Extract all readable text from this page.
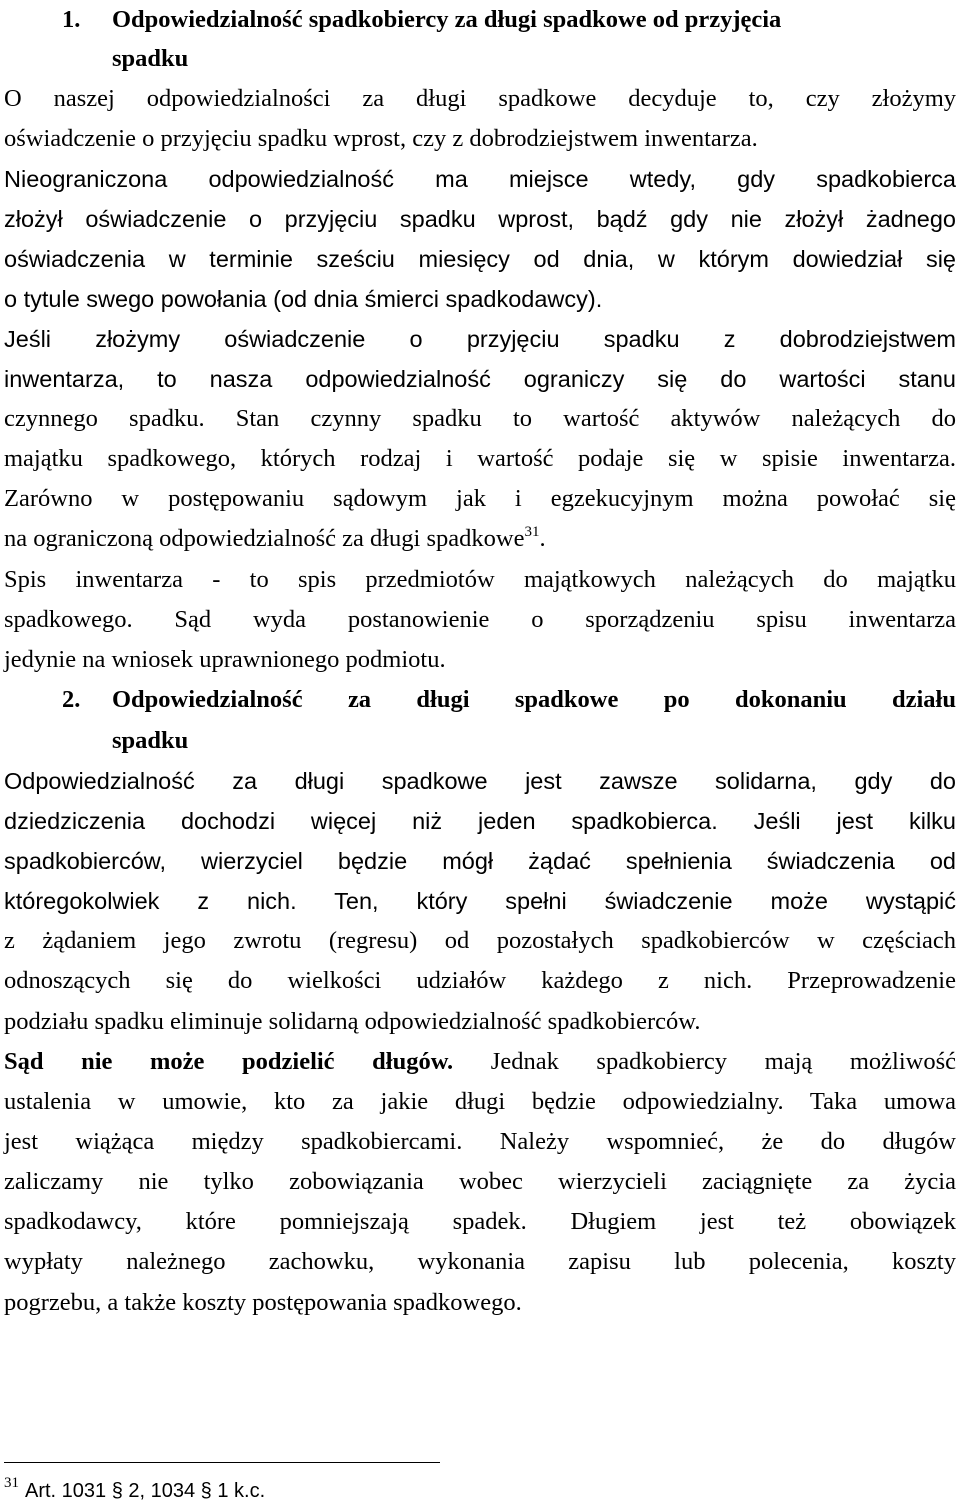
1. Odpowiedzialność spadkobiercy za długi spadkowe od przyjęcia
spadku
O naszej odpowiedzialności za długi spadkowe decyduje to, czy złożymy
oświadczenie o przyjęciu spadku wprost, czy z dobrodziejstwem inwentarza.
Nieograniczona odpowiedzialność ma miejsce wtedy, gdy spadkobierca
złożył oświadczenie o przyjęciu spadku wprost, bądź gdy nie złożył żadnego
oświadczenia w terminie sześciu miesięcy od dnia, w którym dowiedział się
o tytule swego powołania (od dnia śmierci spadkodawcy).
Jeśli złożymy oświadczenie o przyjęciu spadku z dobrodziejstwem
inwentarza, to nasza odpowiedzialność ograniczy się do wartości stanu
czynnego spadku. Stan czynny spadku to wartość aktywów należących do
majątku spadkowego, których rodzaj i wartość podaje się w spisie inwentarza.
Zarówno w postępowaniu sądowym jak i egzekucyjnym można powołać się
na ograniczoną odpowiedzialność za długi spadkowe$^{31}$.
Spis inwentarza - to spis przedmiotów majątkowych należących do majątku
spadkowego. Sąd wyda postanowienie o sporządzeniu spisu inwentarza
jedynie na wniosek uprawnionego podmiotu.
2. Odpowiedzialność za długi spadkowe po dokonaniu działu
spadku
Odpowiedzialność za długi spadkowe jest zawsze solidarna, gdy do
dziedziczenia dochodzi więcej niż jeden spadkobierca. Jeśli jest kilku
spadkobierców, wierzyciel będzie mógł żądać spełnienia świadczenia od
któregokolwiek z nich. Ten, który spełni świadczenie może wystąpić
z żądaniem jego zwrotu (regresu) od pozostałych spadkobierców w częściach
odnoszących się do wielkości udziałów każdego z nich. Przeprowadzenie
podziału spadku eliminuje solidarną odpowiedzialność spadkobierców.
Sąd nie może podzielić długów. Jednak spadkobiercy mają możliwość
ustalenia w umowie, kto za jakie długi będzie odpowiedzialny. Taka umowa
jest wiążąca między spadkobiercami. Należy wspomnieć, że do długów
zaliczamy nie tylko zobowiązania wobec wierzycieli zaciągnięte za życia
spadkodawcy, które pomniejszają spadek. Długiem jest też obowiązek
wypłaty należnego zachowku, wykonania zapisu lub polecenia, koszty
pogrzebu, a także koszty postępowania spadkowego.
31 Art. 1031 § 2, 1034 § 1 k.c.
